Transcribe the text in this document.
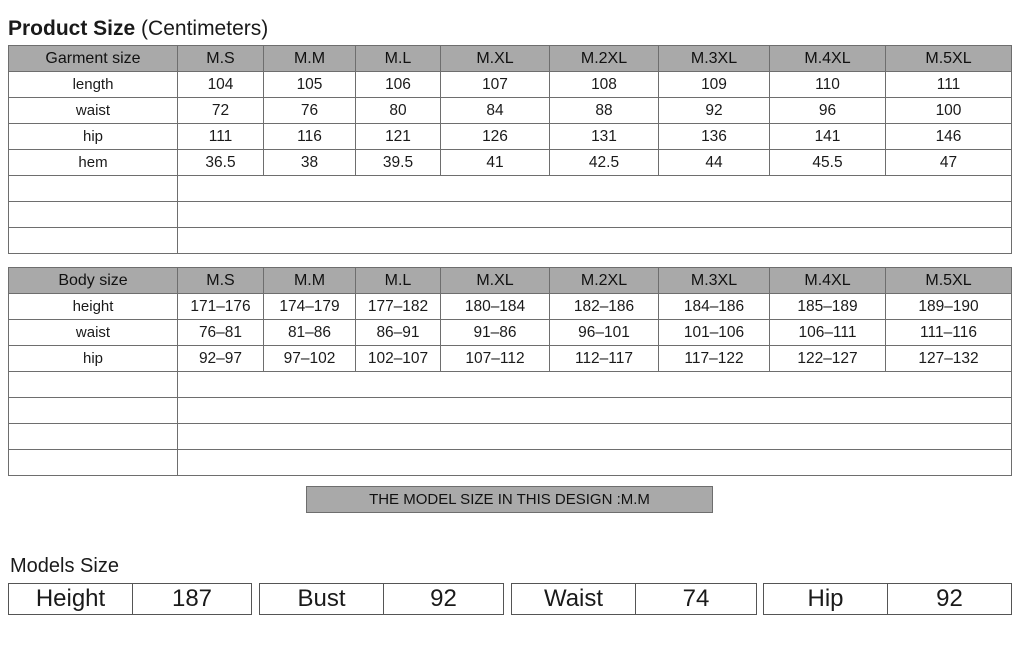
Product Size (Centimeters)
Garment size	M.S	M.M	M.L	M.XL	M.2XL	M.3XL	M.4XL	M.5XL
length	104	105	106	107	108	109	110	111
waist	72	76	80	84	88	92	96	100
hip	111	116	121	126	131	136	141	146
hem	36.5	38	39.5	41	42.5	44	45.5	47

Body size	M.S	M.M	M.L	M.XL	M.2XL	M.3XL	M.4XL	M.5XL
height	171–176	174–179	177–182	180–184	182–186	184–186	185–189	189–190
waist	76–81	81–86	86–91	91–86	96–101	101–106	106–111	111–116
hip	92–97	97–102	102–107	107–112	112–117	117–122	122–127	127–132

THE MODEL SIZE IN THIS DESIGN :M.M
Models Size
Height	187	Bust	92	Waist	74	Hip	92
